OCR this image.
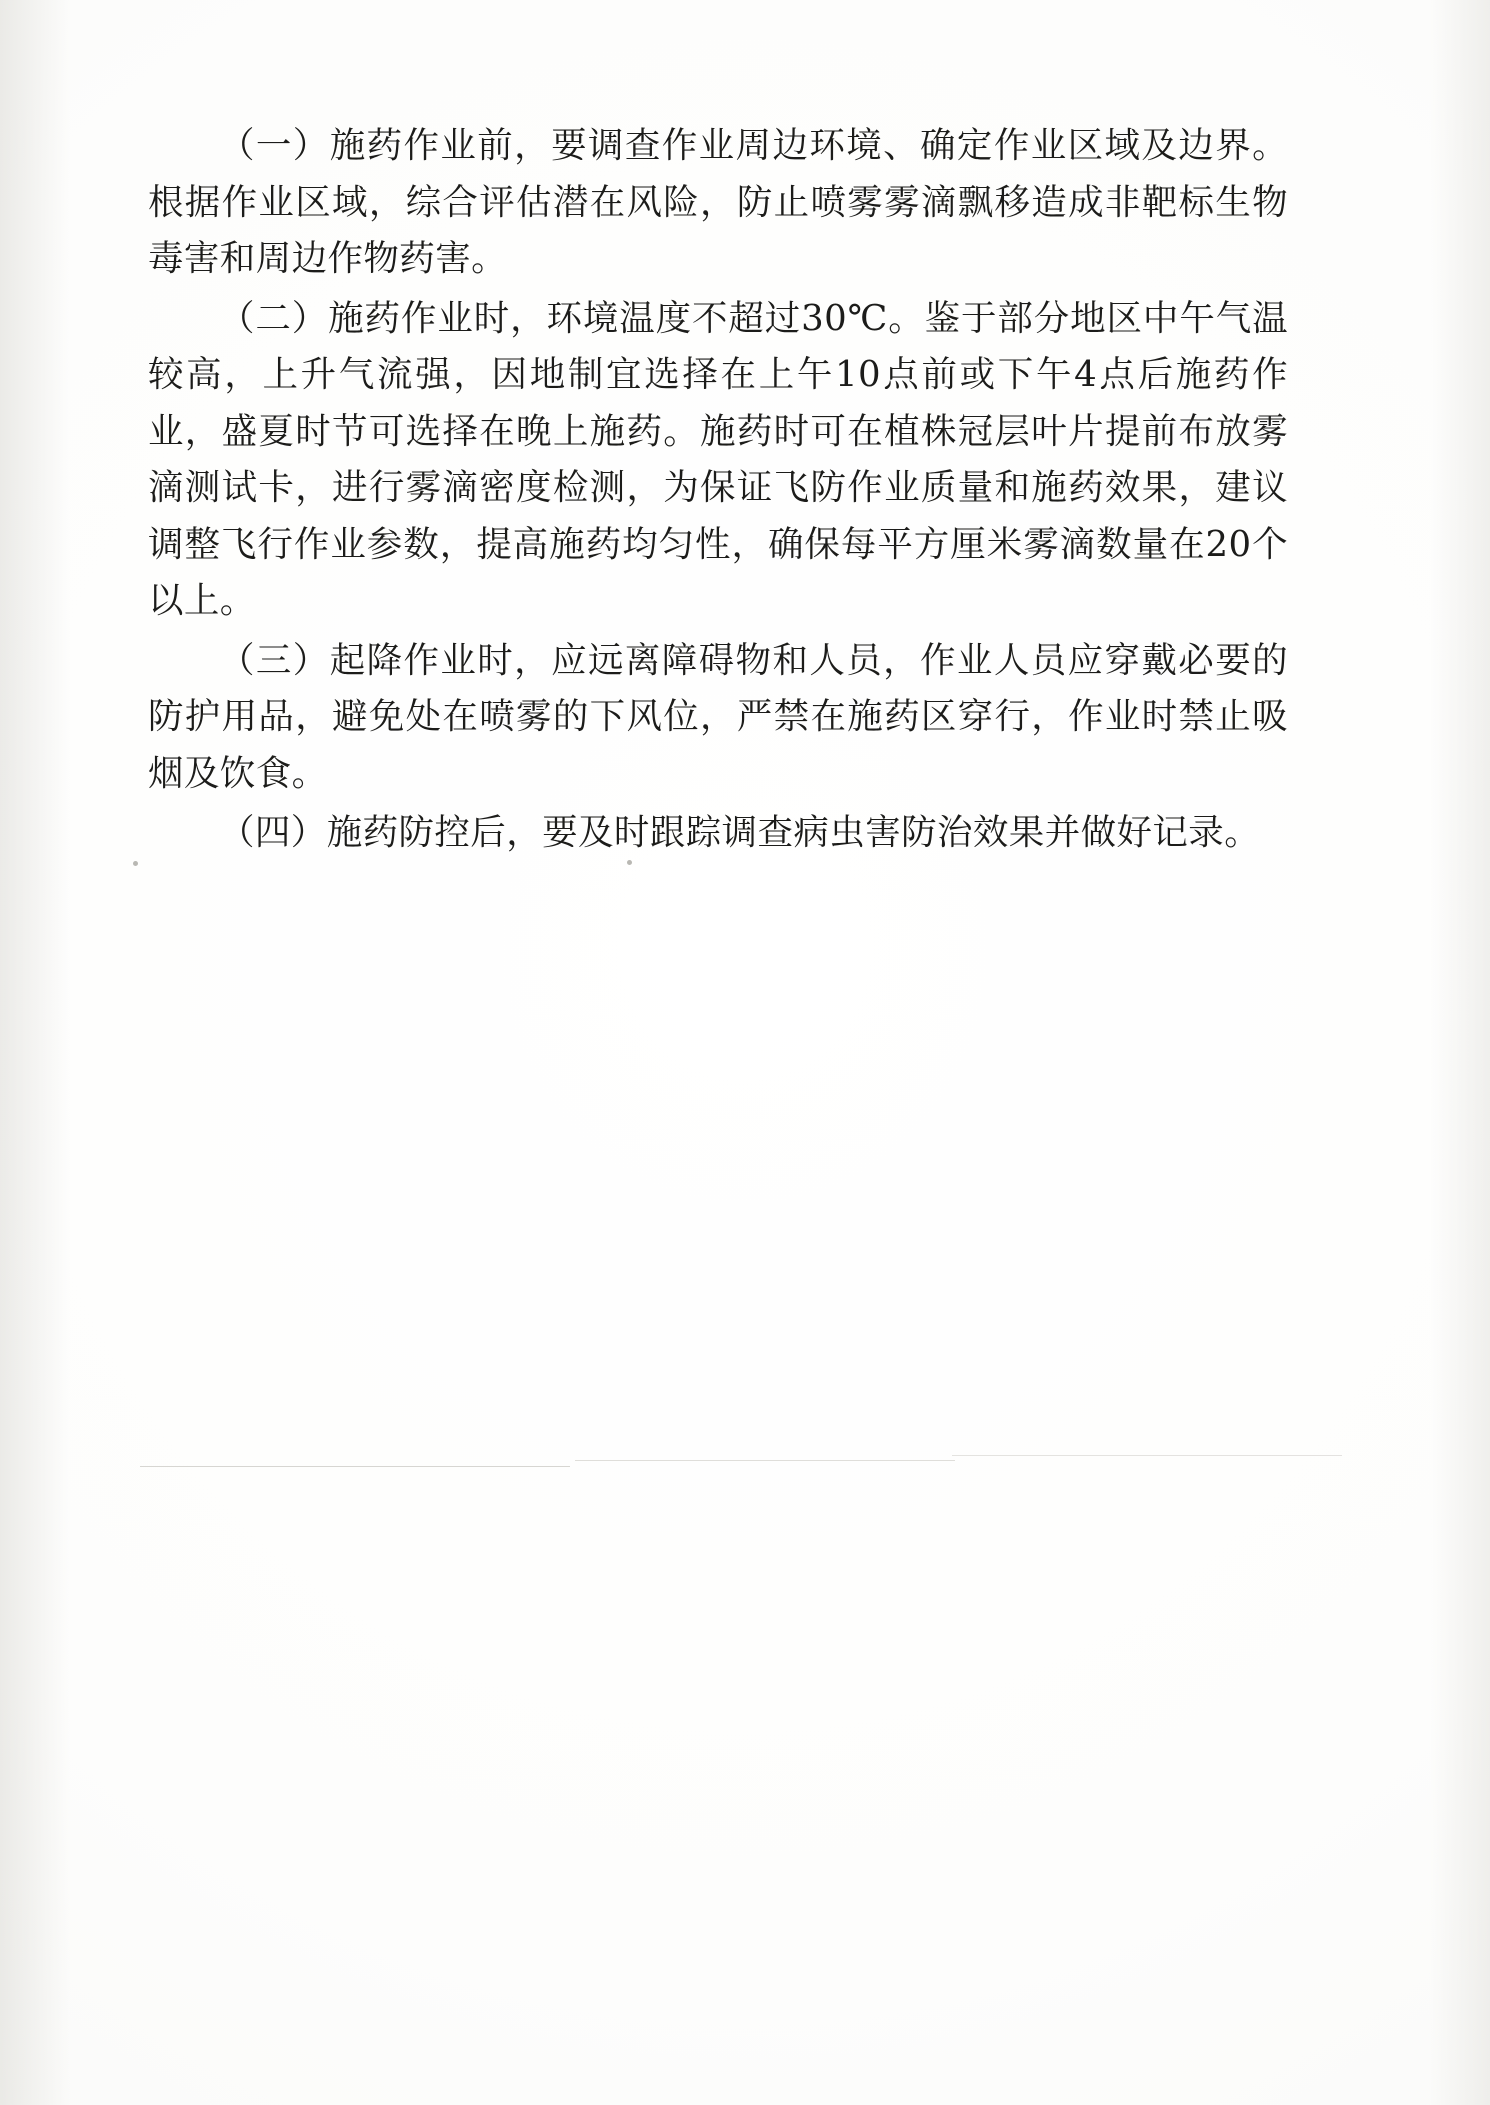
（一）施药作业前，要调查作业周边环境、确定作业区域及边界。根据作业区域，综合评估潜在风险，防止喷雾雾滴飘移造成非靶标生物毒害和周边作物药害。

（二）施药作业时，环境温度不超过30℃。鉴于部分地区中午气温较高，上升气流强，因地制宜选择在上午10点前或下午4点后施药作业，盛夏时节可选择在晚上施药。施药时可在植株冠层叶片提前布放雾滴测试卡，进行雾滴密度检测，为保证飞防作业质量和施药效果，建议调整飞行作业参数，提高施药均匀性，确保每平方厘米雾滴数量在20个以上。

（三）起降作业时，应远离障碍物和人员，作业人员应穿戴必要的防护用品，避免处在喷雾的下风位，严禁在施药区穿行，作业时禁止吸烟及饮食。

（四）施药防控后，要及时跟踪调查病虫害防治效果并做好记录。
